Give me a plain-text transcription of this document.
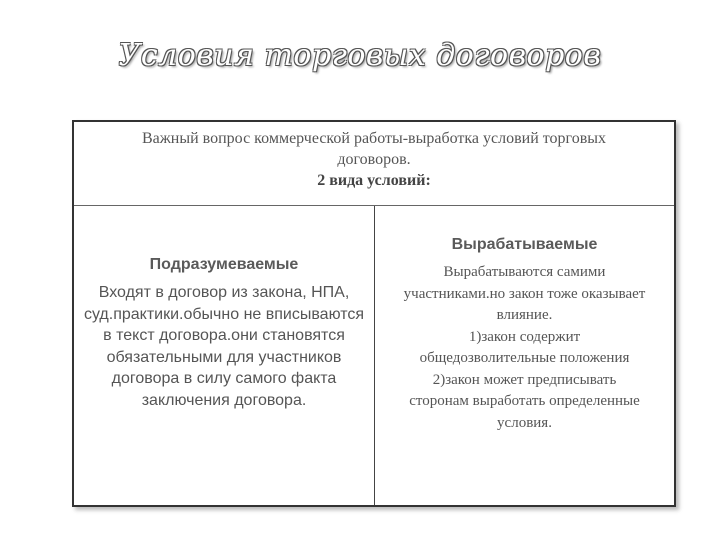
Условия торговых договоров
Важный вопрос коммерческой работы-выработка условий торговых
договоров.
2 вида условий:
Подразумеваемые
Входят в договор из закона, НПА, суд.практики.обычно не вписываются в текст договора.они становятся обязательными для участников договора в силу самого факта заключения договора.
Вырабатываемые
Вырабатываются самими
участниками.но закон тоже оказывает
влияние.
1)закон содержит
общедозволительные положения
2)закон может предписывать
сторонам выработать определенные
условия.
